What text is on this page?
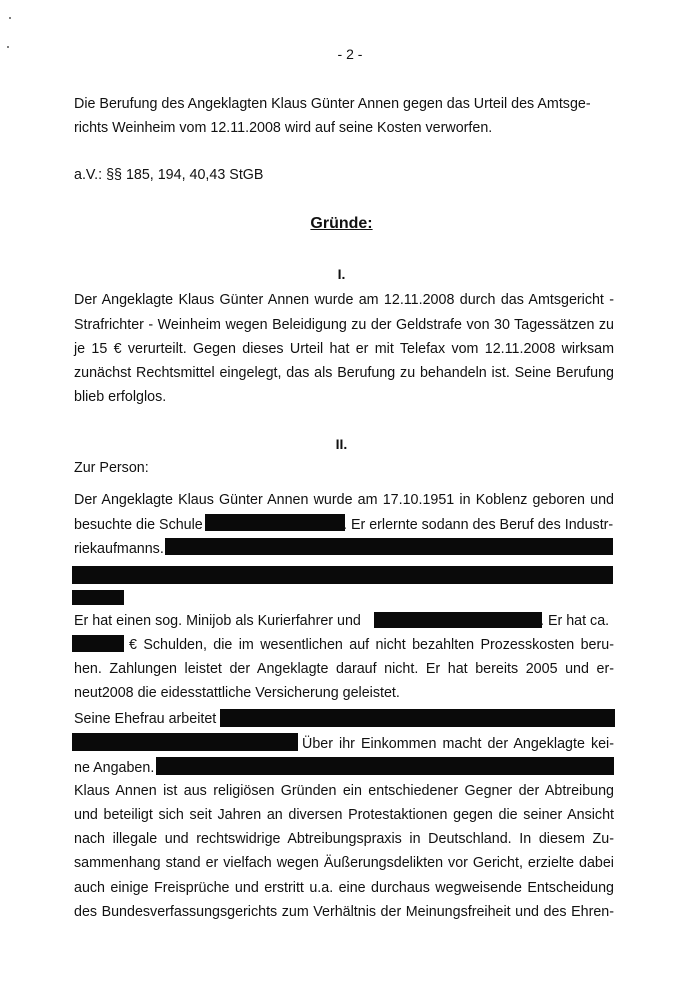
- 2 -
Die Berufung des Angeklagten Klaus Günter Annen gegen das Urteil des Amtsge-
richts Weinheim vom 12.11.2008 wird auf seine Kosten verworfen.
a.V.: §§ 185, 194, 40,43 StGB
Gründe:
I.
Der Angeklagte Klaus Günter Annen wurde am 12.11.2008 durch das Amtsgericht -
Strafrichter - Weinheim wegen Beleidigung zu der Geldstrafe von 30 Tagessätzen zu
je 15 € verurteilt. Gegen dieses Urteil hat er mit Telefax vom 12.11.2008 wirksam
zunächst Rechtsmittel eingelegt, das als Berufung zu behandeln ist. Seine Berufung
blieb erfolglos.
II.
Zur Person:
Der Angeklagte Klaus Günter Annen wurde am 17.10.1951 in Koblenz geboren und
besuchte die Schule	. Er erlernte sodann des Beruf des Industr-
riekaufmanns.
Er hat einen sog. Minijob als Kurierfahrer und	. Er hat ca.
€ Schulden, die im wesentlichen auf nicht bezahlten Prozesskosten beru-
hen. Zahlungen leistet der Angeklagte darauf nicht. Er hat bereits 2005 und er-
neut2008 die eidesstattliche Versicherung geleistet.
Seine Ehefrau arbeitet
Über ihr Einkommen macht der Angeklagte kei-
ne Angaben.
Klaus Annen ist aus religiösen Gründen ein entschiedener Gegner der Abtreibung
und beteiligt sich seit Jahren an diversen Protestaktionen gegen die seiner Ansicht
nach illegale und rechtswidrige Abtreibungspraxis in Deutschland. In diesem Zu-
sammenhang stand er vielfach wegen Äußerungsdelikten vor Gericht, erzielte dabei
auch einige Freisprüche und erstritt u.a. eine durchaus wegweisende Entscheidung
des Bundesverfassungsgerichts zum Verhältnis der Meinungsfreiheit und des Ehren-
